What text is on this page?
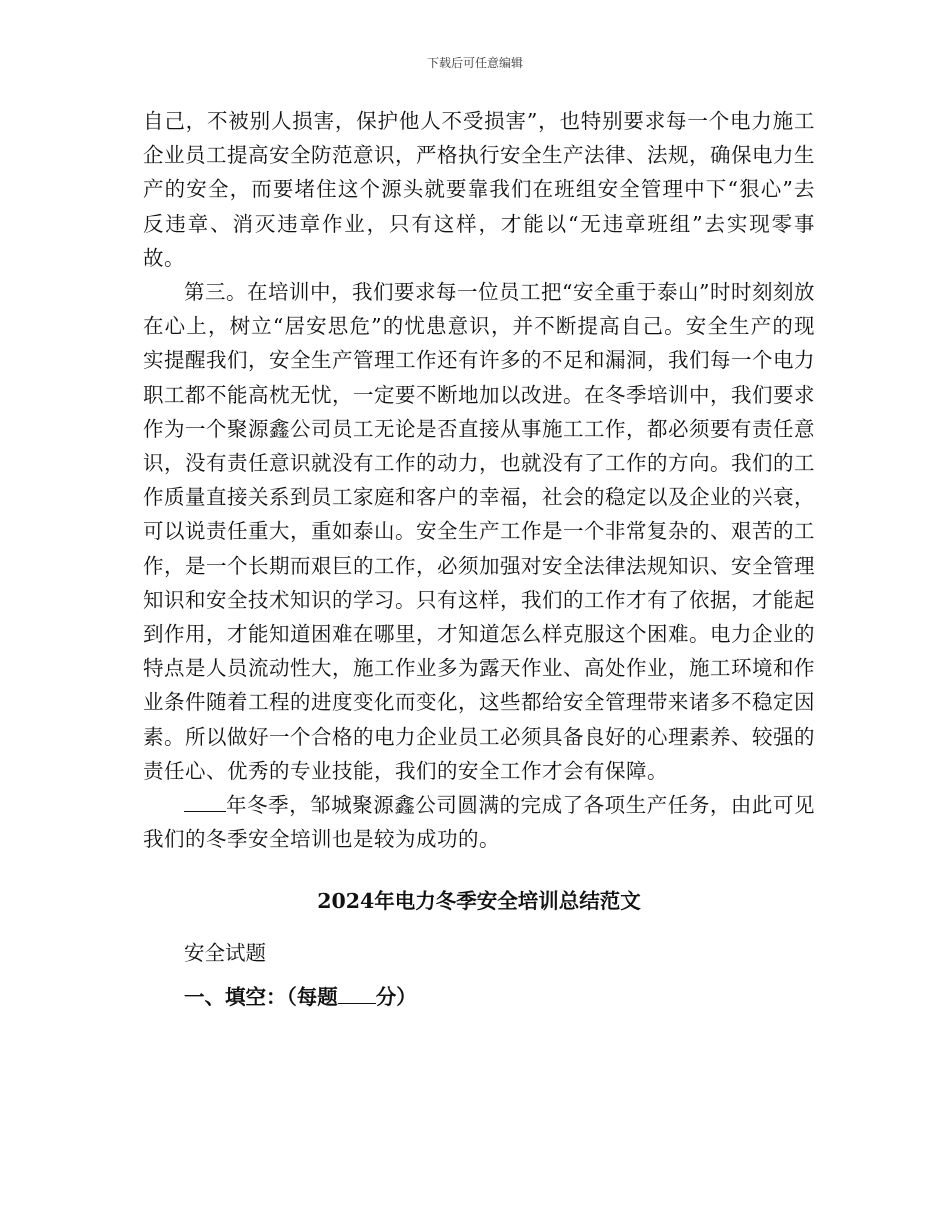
下载后可任意编辑

自己，不被别人损害，保护他人不受损害”，也特别要求每一个电力施工企业员工提高安全防范意识，严格执行安全生产法律、法规，确保电力生产的安全，而要堵住这个源头就要靠我们在班组安全管理中下“狠心”去反违章、消灭违章作业，只有这样，才能以“无违章班组”去实现零事故。

第三。在培训中，我们要求每一位员工把“安全重于泰山”时时刻刻放在心上，树立“居安思危”的忧患意识，并不断提高自己。安全生产的现实提醒我们，安全生产管理工作还有许多的不足和漏洞，我们每一个电力职工都不能高枕无忧，一定要不断地加以改进。在冬季培训中，我们要求作为一个聚源鑫公司员工无论是否直接从事施工工作，都必须要有责任意识，没有责任意识就没有工作的动力，也就没有了工作的方向。我们的工作质量直接关系到员工家庭和客户的幸福，社会的稳定以及企业的兴衰，可以说责任重大，重如泰山。安全生产工作是一个非常复杂的、艰苦的工作，是一个长期而艰巨的工作，必须加强对安全法律法规知识、安全管理知识和安全技术知识的学习。只有这样，我们的工作才有了依据，才能起到作用，才能知道困难在哪里，才知道怎么样克服这个困难。电力企业的特点是人员流动性大，施工作业多为露天作业、高处作业，施工环境和作业条件随着工程的进度变化而变化，这些都给安全管理带来诸多不稳定因素。所以做好一个合格的电力企业员工必须具备良好的心理素养、较强的责任心、优秀的专业技能，我们的安全工作才会有保障。

年冬季，邹城聚源鑫公司圆满的完成了各项生产任务，由此可见我们的冬季安全培训也是较为成功的。

2024年电力冬季安全培训总结范文
安全试题
一、填空：（每题 分）
